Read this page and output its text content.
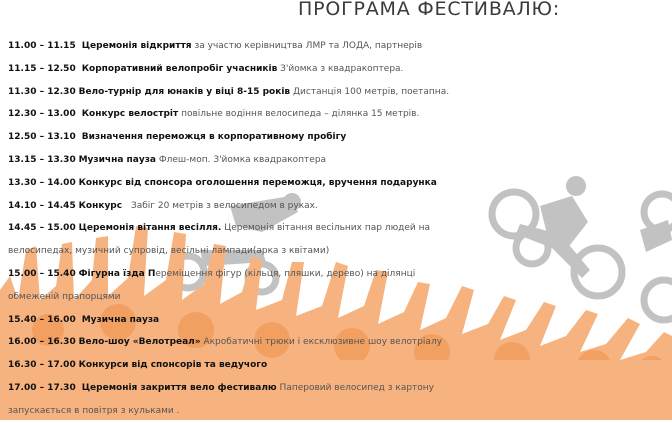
ПРОГРАМА ФЕСТИВАЛЮ:
11.00 – 11.15 Церемонія відкриття за участю керівництва ЛМР та ЛОДА, партнерів
11.15 – 12.50 Корпоративний велопробіг учасників З'йомка з квадракоптера.
11.30 – 12.30 Вело-турнір для юнаків у віці 8-15 років Дистанція 100 метрів, поетапна.
12.30 – 13.00 Конкурс велострiт повільне водіння велосипеда – ділянка 15 метрів.
12.50 – 13.10 Визначення переможця в корпоративному пробігу
13.15 – 13.30 Музична пауза Флеш-моп. З'йомка квадракоптера
13.30 – 14.00 Конкурс від спонсора оголошення переможця, вручення подарунка
14.10 – 14.45 Конкурс Забіг 20 метрів з велосипедом в руках.
14.45 – 15.00 Церемонія вітання весілля. Церемонія вітання весільних пар людей на
велосипедах, музичний супровід, весільні лампади(арка з квітами)
15.00 – 15.40 Фігурна їзда Переміщення фігур (кільця, пляшки, дерево) на ділянці
обмеженій прапорцями
15.40 – 16.00 Музична пауза
16.00 – 16.30 Вело-шоу «Велотреал» Акробатичні трюки і ексклюзивне шоу велотріалу
16.30 – 17.00 Конкурси від спонсорів та ведучого
17.00 – 17.30 Церемонія закриття вело фестивалю Паперовий велосипед з картону
запускається в повітря з кульками .
